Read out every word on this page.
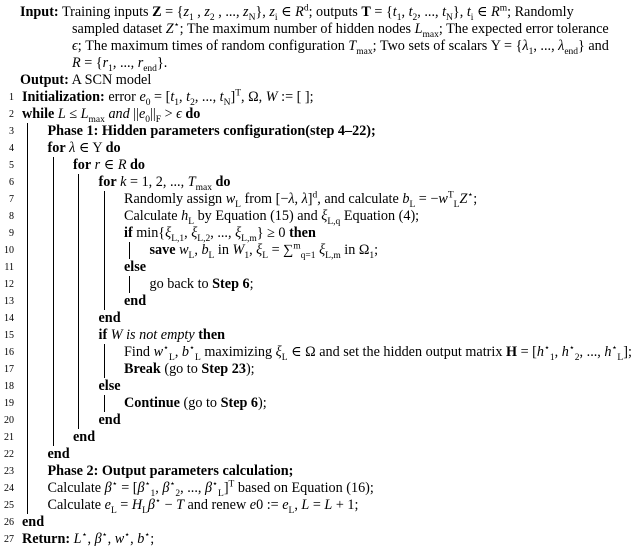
Input: Training inputs $Z = \{z_1$ , $z_2$ , ..., $z_N$}, $z_i$ ∈ $R^d$; outputs $T = \{t_1$, $t_2$, ..., $t_N$}, $t_i$ ∈ $R^m$; Randomly sampled dataset Z⋆; The maximum number of hidden nodes $L_{max}$; The expected error tolerance ϵ; The maximum times of random configuration $T_{max}$; Two sets of scalars $\Upsilon = \{\lambda_1$, ..., $\lambda_{end}$} and $R = \{r_1$, ..., $r_{end}$}.
Output: A SCN model
1 Initialization: error $e_0 = [t_1$, $t_2$, ..., $t_N]^T$, Ω, W := [ ];
2 while $L \le L_{max}$ and $||e_0||_F > \epsilon$ do
3 Phase 1: Hidden parameters configuration(step 4–22);
4 for λ ∈ Υ do
5	for r ∈ R do
6	for k = 1, 2, ..., $T_{max}$ do
7	Randomly assign $w_L$ from [−λ, λ]$^d$, and calculate $b_L = -w^T_LZ^⋆$;
8	Calculate $h_L$ by Equation (15) and $\xi_{L,q}$ Equation (4);
9	if $\min\{\xi_{L,1}$, $\xi_{L,2}$, ..., $\xi_{L,m}\} \ge 0$ then
10	save $w_L$, $b_L$ in $W_1$, $\xi_L = \sum^m_{q=1}$ $\xi_{L,m}$ in $\Omega_1$;
11	else
12	go back to Step 6;
13	end
14	end
15	if W is not empty then
16	Find $w^⋆_L$, $b^⋆_L$ maximizing $\xi_L$ ∈ Ω and set the hidden output matrix $H = [h^⋆_1$, $h^⋆_2$, ..., $h^⋆_L$];
17	Break (go to Step 23);
18	else
19	Continue (go to Step 6);
20	end
21	end
22 end
23 Phase 2: Output parameters calculation;
24 Calculate $\beta^⋆ = [\beta^⋆_1$, $\beta^⋆_2$, ..., $\beta^⋆_L]^T$ based on Equation (16);
25 Calculate $e_L = H_L\beta^⋆ - T$ and renew e0 := $e_L$, L = L + 1;
26 end
27 Return: L⋆, β⋆, w⋆, b⋆;
